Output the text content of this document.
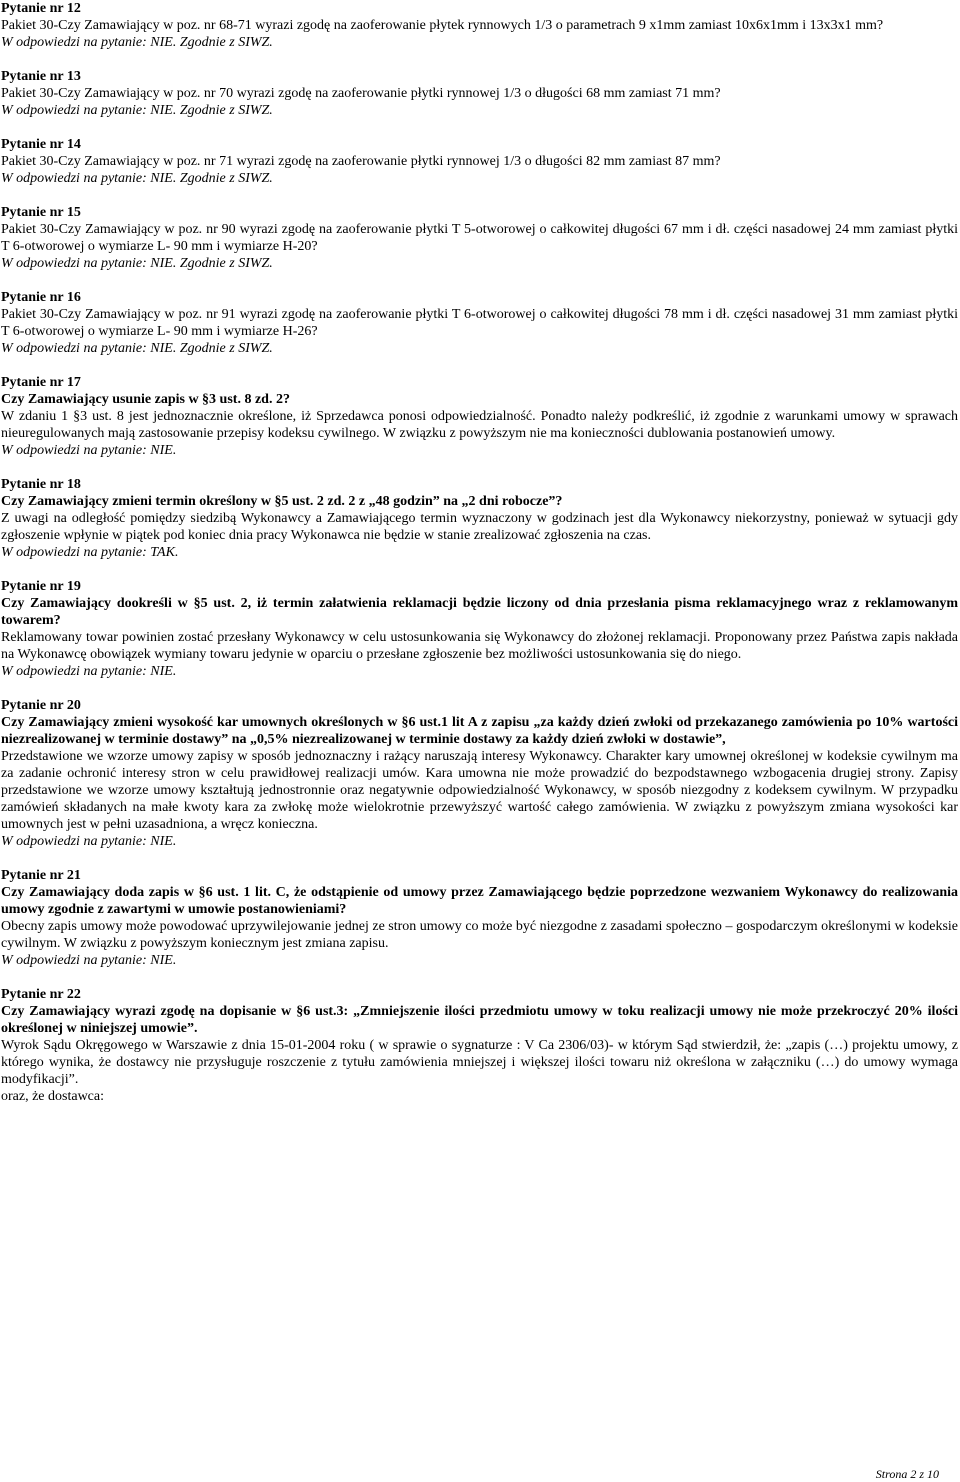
Pytanie nr 12

Pakiet 30-Czy Zamawiający w poz. nr 68-71 wyrazi zgodę na zaoferowanie płytek rynnowych 1/3 o parametrach 9 x1mm zamiast 10x6x1mm i 13x3x1 mm?

W odpowiedzi na pytanie: NIE. Zgodnie z SIWZ.

Pytanie nr 13

Pakiet 30-Czy Zamawiający w poz. nr 70 wyrazi zgodę na zaoferowanie płytki rynnowej 1/3 o długości 68 mm zamiast 71 mm?

W odpowiedzi na pytanie: NIE. Zgodnie z SIWZ.

Pytanie nr 14

Pakiet 30-Czy Zamawiający w poz. nr 71 wyrazi zgodę na zaoferowanie płytki rynnowej 1/3 o długości 82 mm zamiast 87 mm?

W odpowiedzi na pytanie: NIE. Zgodnie z SIWZ.

Pytanie nr 15

Pakiet 30-Czy Zamawiający w poz. nr 90 wyrazi zgodę na zaoferowanie płytki T 5-otworowej o całkowitej długości 67 mm i dł. części nasadowej 24 mm zamiast płytki T 6-otworowej o wymiarze L- 90 mm i wymiarze H-20?

W odpowiedzi na pytanie: NIE. Zgodnie z SIWZ.

Pytanie nr 16

Pakiet 30-Czy Zamawiający w poz. nr 91 wyrazi zgodę na zaoferowanie płytki T 6-otworowej o całkowitej długości 78 mm i dł. części nasadowej 31 mm zamiast płytki T 6-otworowej o wymiarze L- 90 mm i wymiarze H-26?

W odpowiedzi na pytanie: NIE. Zgodnie z SIWZ.

Pytanie nr 17

Czy Zamawiający usunie zapis w §3 ust. 8 zd. 2?

W zdaniu 1 §3 ust. 8 jest jednoznacznie określone, iż Sprzedawca ponosi odpowiedzialność. Ponadto należy podkreślić, iż zgodnie z warunkami umowy w sprawach nieuregulowanych mają zastosowanie przepisy kodeksu cywilnego. W związku z powyższym nie ma konieczności dublowania postanowień umowy.

W odpowiedzi na pytanie: NIE.

Pytanie nr 18

Czy Zamawiający zmieni termin określony w §5 ust. 2 zd. 2 z „48 godzin” na „2 dni robocze”?

Z uwagi na odległość pomiędzy siedzibą Wykonawcy a Zamawiającego termin wyznaczony w godzinach jest dla Wykonawcy niekorzystny, ponieważ w sytuacji gdy zgłoszenie wpłynie w piątek pod koniec dnia pracy Wykonawca nie będzie w stanie zrealizować zgłoszenia na czas.

W odpowiedzi na pytanie: TAK.

Pytanie nr 19

Czy Zamawiający dookreśli w §5 ust. 2, iż termin załatwienia reklamacji będzie liczony od dnia przesłania pisma reklamacyjnego wraz z reklamowanym towarem?

Reklamowany towar powinien zostać przesłany Wykonawcy w celu ustosunkowania się Wykonawcy do złożonej reklamacji. Proponowany przez Państwa zapis nakłada na Wykonawcę obowiązek wymiany towaru jedynie w oparciu o przesłane zgłoszenie bez możliwości ustosunkowania się do niego.

W odpowiedzi na pytanie: NIE.

Pytanie nr 20

Czy Zamawiający zmieni wysokość kar umownych określonych w §6 ust.1 lit A z zapisu „za każdy dzień zwłoki od przekazanego zamówienia po 10% wartości niezrealizowanej w terminie dostawy” na „0,5% niezrealizowanej w terminie dostawy za każdy dzień zwłoki w dostawie”,

Przedstawione we wzorze umowy zapisy w sposób jednoznaczny i rażący naruszają interesy Wykonawcy. Charakter kary umownej określonej w kodeksie cywilnym ma za zadanie ochronić interesy stron w celu prawidłowej realizacji umów. Kara umowna nie może prowadzić do bezpodstawnego wzbogacenia drugiej strony. Zapisy przedstawione we wzorze umowy kształtują jednostronnie oraz negatywnie odpowiedzialność Wykonawcy, w sposób niezgodny z kodeksem cywilnym. W przypadku zamówień składanych na małe kwoty kara za zwłokę może wielokrotnie przewyższyć wartość całego zamówienia. W związku z powyższym zmiana wysokości kar umownych jest w pełni uzasadniona, a wręcz konieczna.

W odpowiedzi na pytanie: NIE.

Pytanie nr 21

Czy Zamawiający doda zapis w §6 ust. 1 lit. C, że odstąpienie od umowy przez Zamawiającego będzie poprzedzone wezwaniem Wykonawcy do realizowania umowy zgodnie z zawartymi w umowie postanowieniami?

Obecny zapis umowy może powodować uprzywilejowanie jednej ze stron umowy co może być niezgodne z zasadami społeczno – gospodarczym określonymi w kodeksie cywilnym. W związku z powyższym koniecznym jest zmiana zapisu.

W odpowiedzi na pytanie: NIE.

Pytanie nr 22

Czy Zamawiający wyrazi zgodę na dopisanie w §6 ust.3: „Zmniejszenie ilości przedmiotu umowy w toku realizacji umowy nie może przekroczyć 20% ilości określonej w niniejszej umowie”.

Wyrok Sądu Okręgowego w Warszawie z dnia 15-01-2004 roku ( w sprawie o sygnaturze : V Ca 2306/03)- w którym Sąd stwierdził, że: „zapis (…) projektu umowy, z którego wynika, że dostawcy nie przysługuje roszczenie z tytułu zamówienia mniejszej i większej ilości towaru niż określona w załączniku (…) do umowy wymaga modyfikacji”.

oraz, że dostawca:

Strona 2 z 10
